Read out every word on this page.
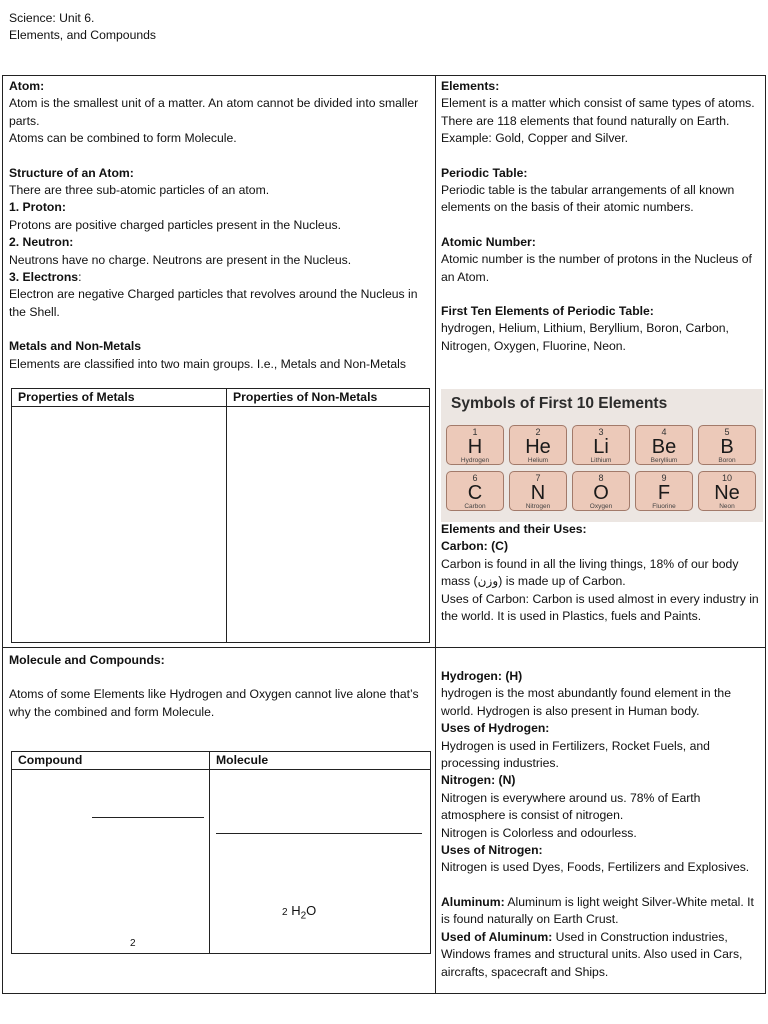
Science: Unit 6.
Elements, and Compounds

Atom:

Atom is the smallest unit of a matter. An atom cannot be divided into smaller parts.

Atoms can be combined to form Molecule.

Structure of an Atom:

There are three sub-atomic particles of an atom.

1. Proton:

Protons are positive charged particles present in the Nucleus.

2. Neutron:

Neutrons have no charge. Neutrons are present in the Nucleus.

3. Electrons:

Electron are negative Charged particles that revolves around the Nucleus in the Shell.

Metals and Non-Metals

Elements are classified into two main groups. I.e., Metals and Non-Metals

Properties of Metals	Properties of Non-Metals

Elements:

Element is a matter which consist of same types of atoms.

There are 118 elements that found naturally on Earth.

Example: Gold, Copper and Silver.

Periodic Table:

Periodic table is the tabular arrangements of all known elements on the basis of their atomic numbers.

Atomic Number:

Atomic number is the number of protons in the Nucleus of an Atom.

First Ten Elements of Periodic Table:

hydrogen, Helium, Lithium, Beryllium, Boron, Carbon, Nitrogen, Oxygen, Fluorine, Neon.

Symbols of First 10 Elements
1
H
Hydrogen
2
He
Helium
3
Li
Lithium
4
Be
Beryllium
5
B
Boron
6
C
Carbon
7
N
Nitrogen
8
O
Oxygen
9
F
Fluorine
10
Ne
Neon

Elements and their Uses:

Carbon: (C)

Carbon is found in all the living things, 18% of our body mass (وزن) is made up of Carbon.

Uses of Carbon: Carbon is used almost in every industry in the world. It is used in Plastics, fuels and Paints.

Molecule and Compounds:

Atoms of some Elements like Hydrogen and Oxygen cannot live alone that’s why the combined and form Molecule.

Compound	Molecule

2	2 $H_2O$

Hydrogen: (H)

hydrogen is the most abundantly found element in the world. Hydrogen is also present in Human body.

Uses of Hydrogen:

Hydrogen is used in Fertilizers, Rocket Fuels, and processing industries.

Nitrogen: (N)

Nitrogen is everywhere around us. 78% of Earth atmosphere is consist of nitrogen.

Nitrogen is Colorless and odourless.

Uses of Nitrogen:

Nitrogen is used Dyes, Foods, Fertilizers and Explosives.

Aluminum: Aluminum is light weight Silver-White metal. It is found naturally on Earth Crust.

Used of Aluminum: Used in Construction industries, Windows frames and structural units. Also used in Cars, aircrafts, spacecraft and Ships.
